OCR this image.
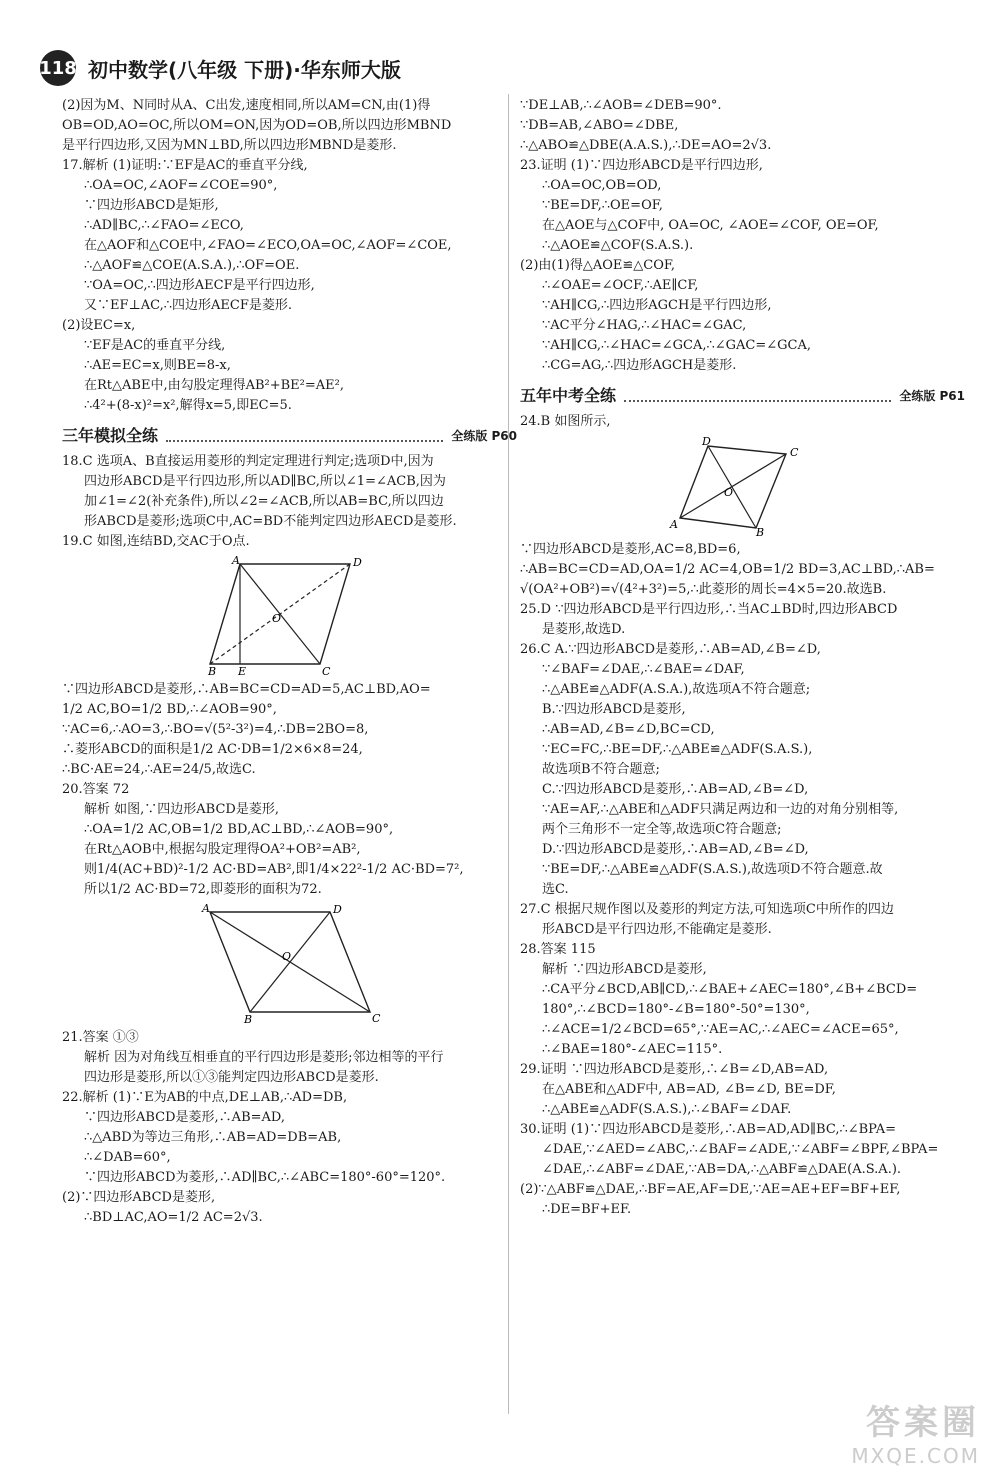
118 初中数学(八年级 下册)·华东师大版

(2)因为M、N同时从A、C出发,速度相同,所以AM=CN,由(1)得

OB=OD,AO=OC,所以OM=ON,因为OD=OB,所以四边形MBND

是平行四边形,又因为MN⊥BD,所以四边形MBND是菱形.

17.解析 (1)证明:∵EF是AC的垂直平分线,

∴OA=OC,∠AOF=∠COE=90°,

∵四边形ABCD是矩形,

∴AD∥BC,∴∠FAO=∠ECO,

在△AOF和△COE中,∠FAO=∠ECO,OA=OC,∠AOF=∠COE,

∴△AOF≌△COE(A.S.A.),∴OF=OE.

∵OA=OC,∴四边形AECF是平行四边形,

又∵EF⊥AC,∴四边形AECF是菱形.

(2)设EC=x,

∵EF是AC的垂直平分线,

∴AE=EC=x,则BE=8-x,

在Rt△ABE中,由勾股定理得AB²+BE²=AE²,

∴4²+(8-x)²=x²,解得x=5,即EC=5.

三年模拟全练	全练版 P60

18.C 选项A、B直接运用菱形的判定定理进行判定;选项D中,因为

四边形ABCD是平行四边形,所以AD∥BC,所以∠1=∠ACB,因为

加∠1=∠2(补充条件),所以∠2=∠ACB,所以AB=BC,所以四边

形ABCD是菱形;选项C中,AC=BD不能判定四边形AECD是菱形.

19.C 如图,连结BD,交AC于O点.

A	D
B E	C
O

∵四边形ABCD是菱形,∴AB=BC=CD=AD=5,AC⊥BD,AO=

1/2 AC,BO=1/2 BD,∴∠AOB=90°,

∵AC=6,∴AO=3,∴BO=√(5²-3²)=4,∴DB=2BO=8,

∴菱形ABCD的面积是1/2 AC·DB=1/2×6×8=24,

∴BC·AE=24,∴AE=24/5,故选C.

20.答案 72

解析 如图,∵四边形ABCD是菱形,

∴OA=1/2 AC,OB=1/2 BD,AC⊥BD,∴∠AOB=90°,

在Rt△AOB中,根据勾股定理得OA²+OB²=AB²,

则1/4(AC+BD)²-1/2 AC·BD=AB²,即1/4×22²-1/2 AC·BD=7²,

所以1/2 AC·BD=72,即菱形的面积为72.

A	D
B	C
O

21.答案 ①③

解析 因为对角线互相垂直的平行四边形是菱形;邻边相等的平行

四边形是菱形,所以①③能判定四边形ABCD是菱形.

22.解析 (1)∵E为AB的中点,DE⊥AB,∴AD=DB,

∵四边形ABCD是菱形,∴AB=AD,

∴△ABD为等边三角形,∴AB=AD=DB=AB,

∴∠DAB=60°,

∵四边形ABCD为菱形,∴AD∥BC,∴∠ABC=180°-60°=120°.

(2)∵四边形ABCD是菱形,

∴BD⊥AC,AO=1/2 AC=2√3.

∵DE⊥AB,∴∠AOB=∠DEB=90°.

∵DB=AB,∠ABO=∠DBE,

∴△ABO≌△DBE(A.A.S.),∴DE=AO=2√3.

23.证明 (1)∵四边形ABCD是平行四边形,

∴OA=OC,OB=OD,

∵BE=DF,∴OE=OF,

在△AOE与△COF中, OA=OC, ∠AOE=∠COF, OE=OF,

∴△AOE≌△COF(S.A.S.).

(2)由(1)得△AOE≌△COF,

∴∠OAE=∠OCF,∴AE∥CF,

∵AH∥CG,∴四边形AGCH是平行四边形,

∵AC平分∠HAG,∴∠HAC=∠GAC,

∵AH∥CG,∴∠HAC=∠GCA,∴∠GAC=∠GCA,

∴CG=AG,∴四边形AGCH是菱形.

五年中考全练	全练版 P61

24.B 如图所示,

A
D
C
B
O

∵四边形ABCD是菱形,AC=8,BD=6,

∴AB=BC=CD=AD,OA=1/2 AC=4,OB=1/2 BD=3,AC⊥BD,∴AB=

√(OA²+OB²)=√(4²+3²)=5,∴此菱形的周长=4×5=20.故选B.

25.D ∵四边形ABCD是平行四边形,∴当AC⊥BD时,四边形ABCD

是菱形,故选D.

26.C A.∵四边形ABCD是菱形,∴AB=AD,∠B=∠D,

∵∠BAF=∠DAE,∴∠BAE=∠DAF,

∴△ABE≌△ADF(A.S.A.),故选项A不符合题意;

B.∵四边形ABCD是菱形,

∴AB=AD,∠B=∠D,BC=CD,

∵EC=FC,∴BE=DF,∴△ABE≌△ADF(S.A.S.),

故选项B不符合题意;

C.∵四边形ABCD是菱形,∴AB=AD,∠B=∠D,

∵AE=AF,∴△ABE和△ADF只满足两边和一边的对角分别相等,

两个三角形不一定全等,故选项C符合题意;

D.∵四边形ABCD是菱形,∴AB=AD,∠B=∠D,

∵BE=DF,∴△ABE≌△ADF(S.A.S.),故选项D不符合题意.故

选C.

27.C 根据尺规作图以及菱形的判定方法,可知选项C中所作的四边

形ABCD是平行四边形,不能确定是菱形.

28.答案 115

解析 ∵四边形ABCD是菱形,

∴CA平分∠BCD,AB∥CD,∴∠BAE+∠AEC=180°,∠B+∠BCD=

180°,∴∠BCD=180°-∠B=180°-50°=130°,

∴∠ACE=1/2∠BCD=65°,∵AE=AC,∴∠AEC=∠ACE=65°,

∴∠BAE=180°-∠AEC=115°.

29.证明 ∵四边形ABCD是菱形,∴∠B=∠D,AB=AD,

在△ABE和△ADF中, AB=AD, ∠B=∠D, BE=DF,

∴△ABE≌△ADF(S.A.S.),∴∠BAF=∠DAF.

30.证明 (1)∵四边形ABCD是菱形,∴AB=AD,AD∥BC,∴∠BPA=

∠DAE,∵∠AED=∠ABC,∴∠BAF=∠ADE,∵∠ABF=∠BPF,∠BPA=

∠DAE,∴∠ABF=∠DAE,∵AB=DA,∴△ABF≌△DAE(A.S.A.).

(2)∵△ABF≌△DAE,∴BF=AE,AF=DE,∵AE=AE+EF=BF+EF,

∴DE=BF+EF.

答案圈
MXQE.COM
